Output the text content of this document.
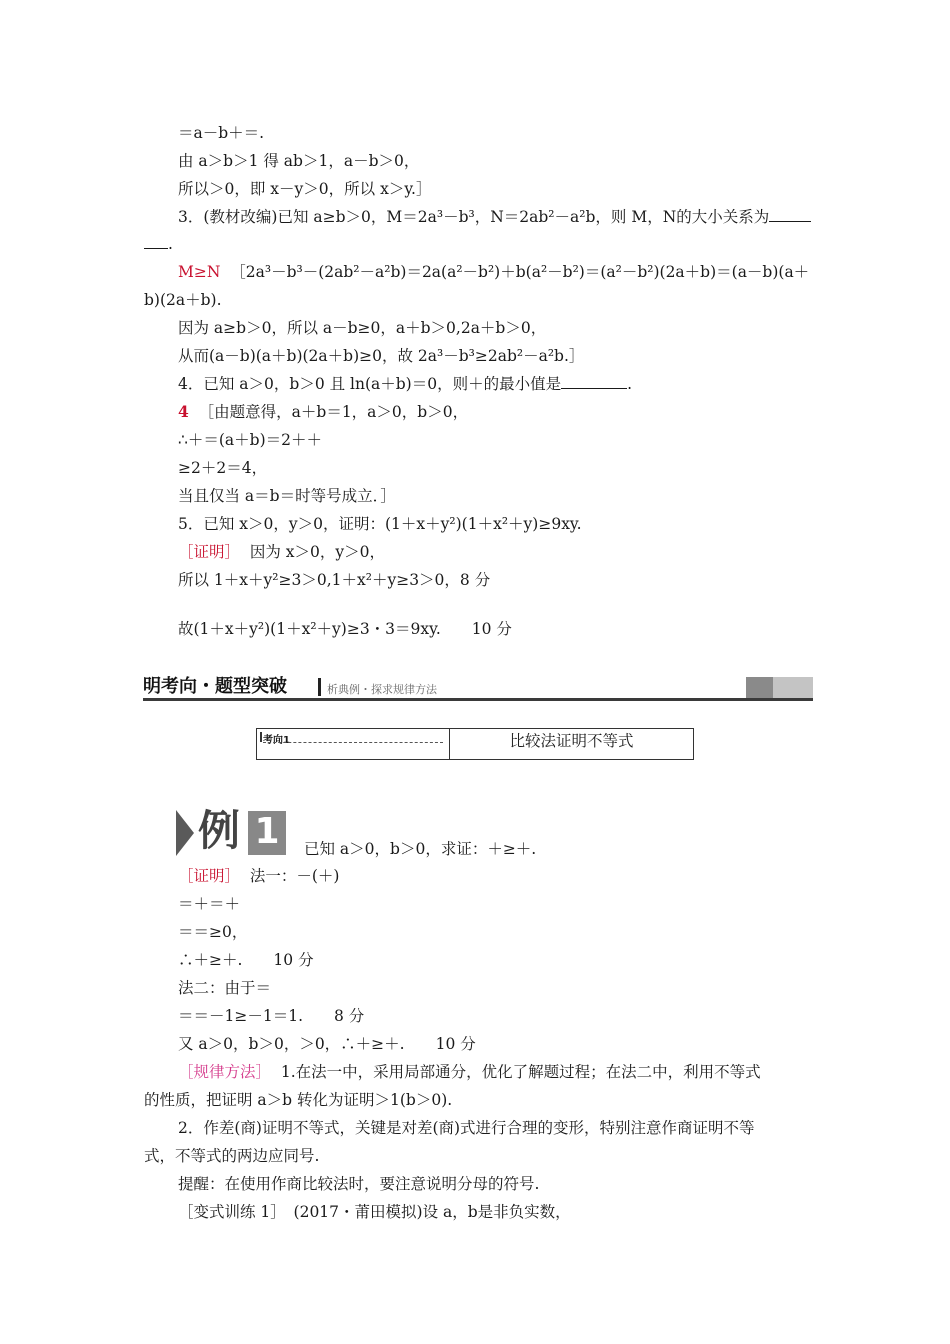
＝a－b＋＝.
由 a＞b＞1 得 ab＞1，a－b＞0，
所以＞0，即 x－y＞0，所以 x＞y.］
3．(教材改编)已知 a≥b＞0，M＝2a³－b³，N＝2ab²－a²b，则 M，N的大小关系为
.
M≥N ［2a³－b³－(2ab²－a²b)＝2a(a²－b²)＋b(a²－b²)＝(a²－b²)(2a＋b)＝(a－b)(a＋
b)(2a＋b).
因为 a≥b＞0，所以 a－b≥0，a＋b＞0,2a＋b＞0，
从而(a－b)(a＋b)(2a＋b)≥0，故 2a³－b³≥2ab²－a²b.］
4．已知 a＞0，b＞0 且 ln(a＋b)＝0，则＋的最小值是	.
4 ［由题意得，a＋b＝1，a＞0，b＞0，
∴＋＝(a＋b)＝2＋＋
≥2＋2＝4，
当且仅当 a＝b＝时等号成立．］
5．已知 x＞0，y＞0，证明：(1＋x＋y²)(1＋x²＋y)≥9xy.
［证明］ 因为 x＞0，y＞0，
所以 1＋x＋y²≥3＞0,1＋x²＋y≥3＞0，8 分
故(1＋x＋y²)(1＋x²＋y)≥3・3＝9xy.　　10 分
明考向・题型突破	析典例・探求规律方法
考向1	比较法证明不等式
例 1	已知 a＞0，b＞0，求证：＋≥＋.
［证明］ 法一：－(＋)
＝＋＝＋
＝＝≥0，
∴＋≥＋.　　10 分
法二：由于＝
＝＝－1≥－1＝1.　　8 分
又 a＞0，b＞0，＞0，∴＋≥＋.　　10 分
［规律方法］ 1.在法一中，采用局部通分，优化了解题过程；在法二中，利用不等式
的性质，把证明 a＞b 转化为证明＞1(b＞0).
2．作差(商)证明不等式，关键是对差(商)式进行合理的变形，特别注意作商证明不等
式，不等式的两边应同号.
提醒：在使用作商比较法时，要注意说明分母的符号.
［变式训练 1］　(2017・莆田模拟)设 a，b是非负实数，
